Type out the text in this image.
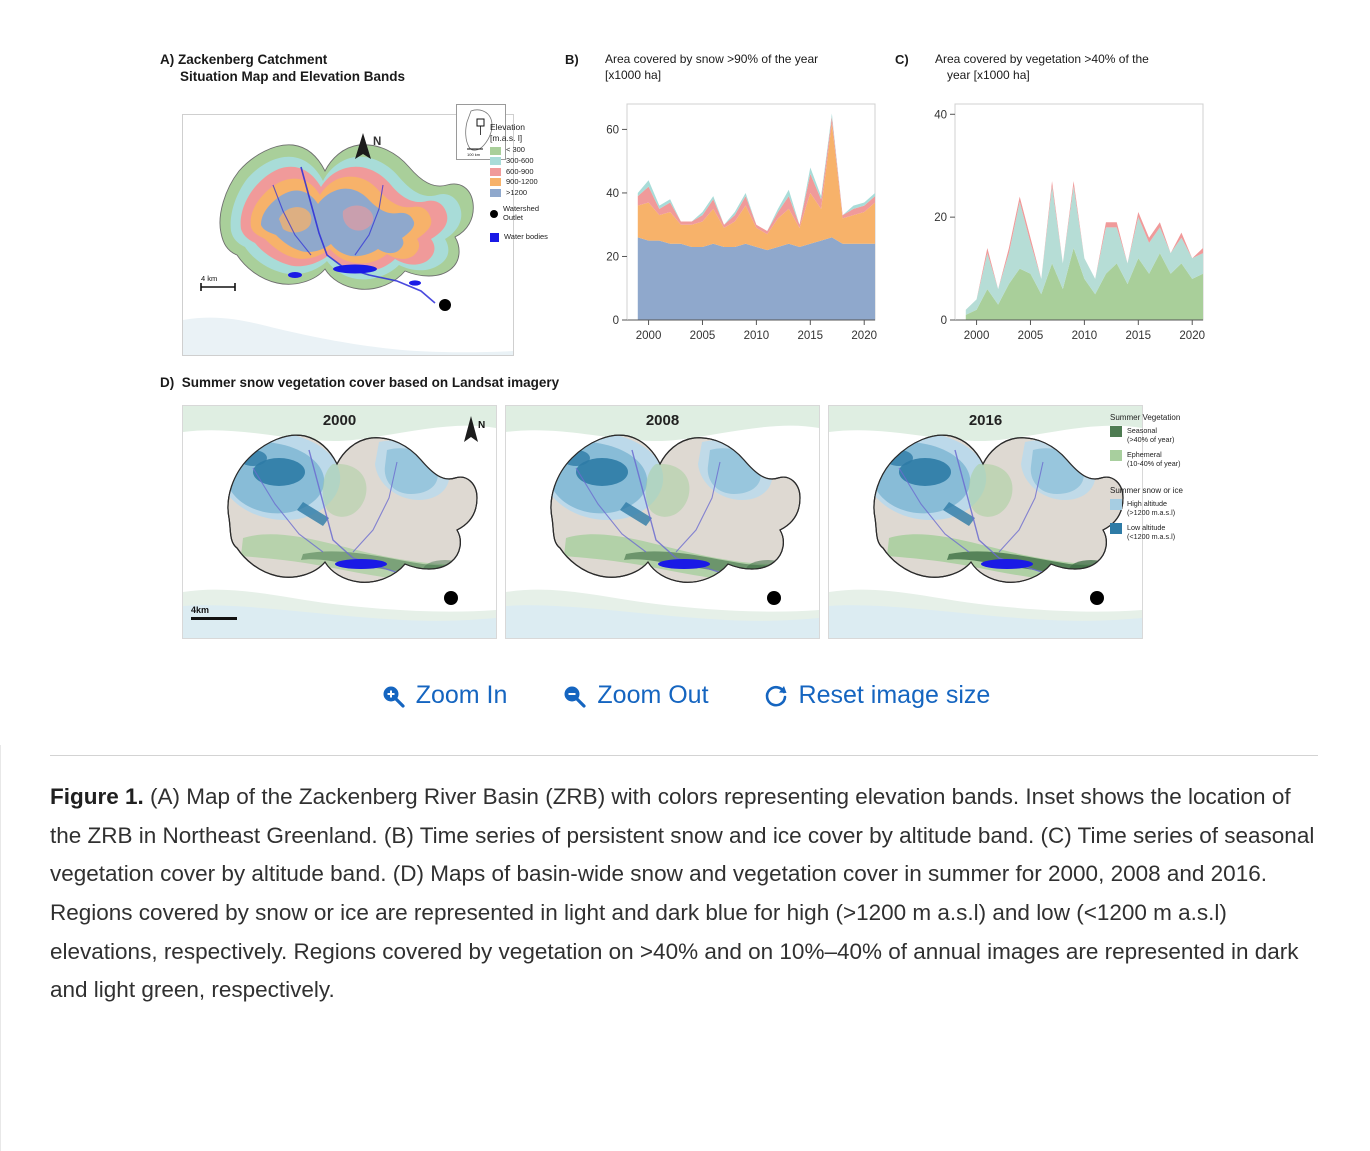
A) Zackenberg Catchment
Situation Map and Elevation Bands
N
4 km
100 km
Elevation
[m.a.s. l]
< 300
300-600
600-900
900-1200
>1200
Watershed
Outlet
Water bodies
B)	Area covered by snow >90% of the year
[x1000 ha]
0
20
40
60
2000 2005 2010 2015 2020
C)	Area covered by vegetation >40% of the
year [x1000 ha]
0
20
40
2000 2005 2010 2015 2020
D) Summer snow vegetation cover based on Landsat imagery
2000
4km
N	2008	2016	Summer Vegetation
Seasonal
(>40% of year)
Ephemeral
(10-40% of year)
Summer snow or ice
High altitude
(>1200 m.a.s.l)
Low altitude
(<1200 m.a.s.l)
Zoom In	Zoom Out	Reset image size
Figure 1. (A) Map of the Zackenberg River Basin (ZRB) with colors representing elevation bands. Inset shows the location of the ZRB in Northeast Greenland. (B) Time series of persistent snow and ice cover by altitude band. (C) Time series of seasonal vegetation cover by altitude band. (D) Maps of basin-wide snow and vegetation cover in summer for 2000, 2008 and 2016. Regions covered by snow or ice are represented in light and dark blue for high (>1200 m a.s.l) and low (<1200 m a.s.l) elevations, respectively. Regions covered by vegetation on >40% and on 10%–40% of annual images are represented in dark and light green, respectively.
